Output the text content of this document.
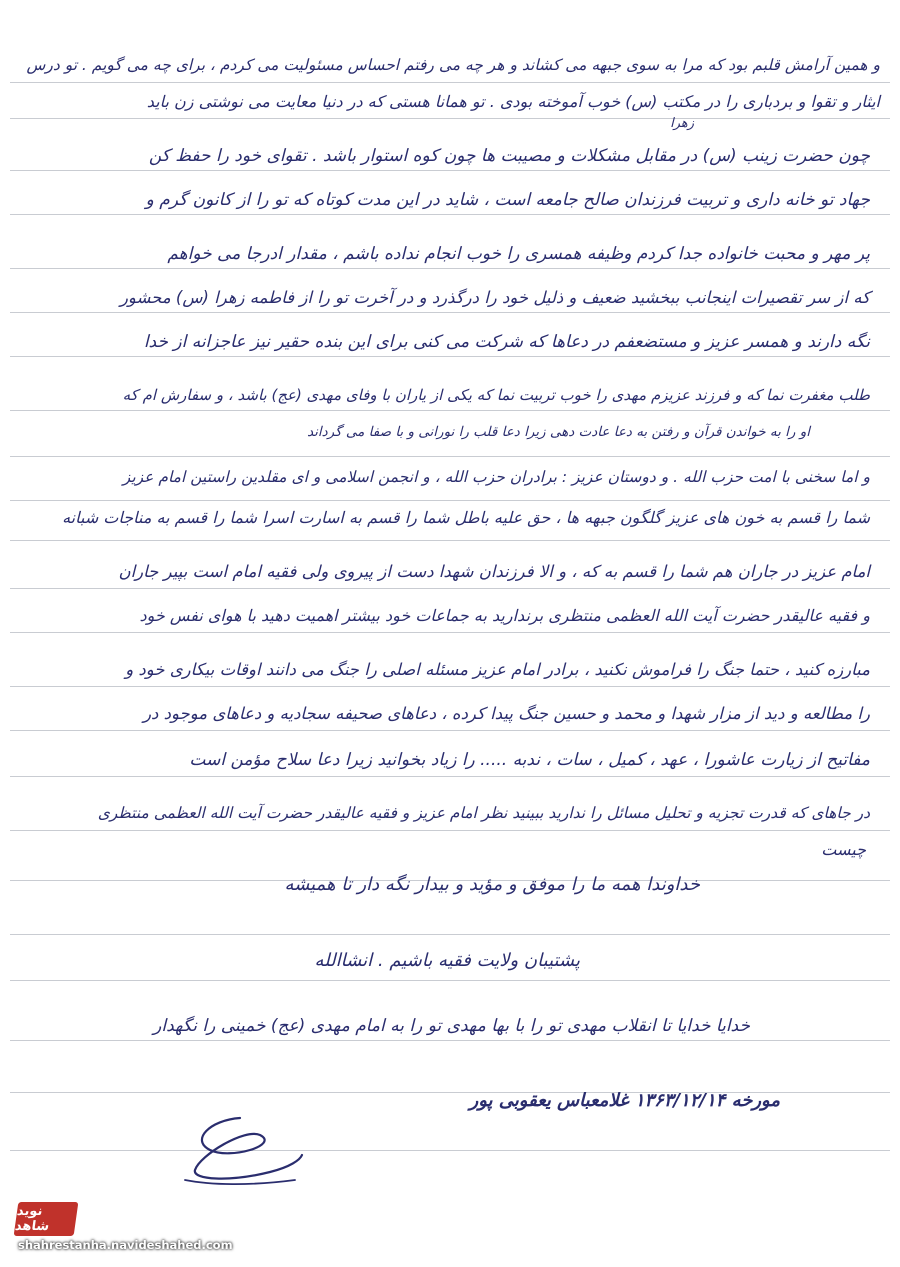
و همین آرامش قلبم بود که مرا به سوی جبهه می کشاند و هر چه می رفتم احساس مسئولیت می کردم ، برای چه می گویم . تو درس
ایثار و تقوا و بردباری را در مکتب (س) خوب آموخته بودی . تو همانا هستی که در دنیا معایت می نوشتی زن باید
زهرا
چون حضرت زینب (س) در مقابل مشکلات و مصیبت ها چون کوه استوار باشد . تقوای خود را حفظ کن
جهاد تو خانه داری و تربیت فرزندان صالح جامعه است ، شاید در این مدت کوتاه که تو را از کانون گرم و
پر مهر و محبت خانواده جدا کردم وظیفه همسری را خوب انجام نداده باشم ، مقدار ادرجا می خواهم
که از سر تقصیرات اینجانب ببخشید ضعیف و ذلیل خود را درگذرد و در آخرت تو را از فاطمه زهرا (س) محشور
نگه دارند و همسر عزیز و مستضعفم در دعاها که شرکت می کنی برای این بنده حقیر نیز عاجزانه از خدا
طلب مغفرت نما که و فرزند عزیزم مهدی را خوب تربیت نما که یکی از یاران با وفای مهدی (عج) باشد ، و سفارش ام که
او را به خواندن قرآن و رفتن به دعا عادت دهی زیرا دعا قلب را نورانی و با صفا می گرداند
و اما سخنی با امت حزب الله . و دوستان عزیز : برادران حزب الله ، و انجمن اسلامی و ای مقلدین راستین امام عزیز
شما را قسم به خون های عزیز گلگون جبهه ها ، حق علیه باطل شما را قسم به اسارت اسرا شما را قسم به مناجات شبانه
امام عزیز در جاران هم شما را قسم به که ، و الا فرزندان شهدا دست از پیروی ولی فقیه امام است بپیر جاران
و فقیه عالیقدر حضرت آیت الله العظمی منتظری برندارید به جماعات خود بیشتر اهمیت دهید با هوای نفس خود
مبارزه کنید ، حتما جنگ را فراموش نکنید ، برادر امام عزیز مسئله اصلی را جنگ می دانند اوقات بیکاری خود و
را مطالعه و دید از مزار شهدا و محمد و حسین جنگ پیدا کرده ، دعاهای صحیفه سجادیه و دعاهای موجود در
مفاتیح از زیارت عاشورا ، عهد ، کمیل ، سات ، ندبه ..... را زیاد بخوانید زیرا دعا سلاح مؤمن است
در جاهای که قدرت تجزیه و تحلیل مسائل را ندارید ببینید نظر امام عزیز و فقیه عالیقدر حضرت آیت الله العظمی منتظری
چیست
خداوندا همه ما را موفق و مؤید و بیدار نگه دار تا همیشه
پشتیبان ولایت فقیه باشیم . انشاالله
خدایا خدایا تا انقلاب مهدی تو را با بها مهدی تو را به امام مهدی (عج) خمینی را نگهدار
مورخه ۱۳۶۳/۱۲/۱۴ غلامعباس یعقوبی پور
نوید شاهد
shahrestanha.navideshahed.com
